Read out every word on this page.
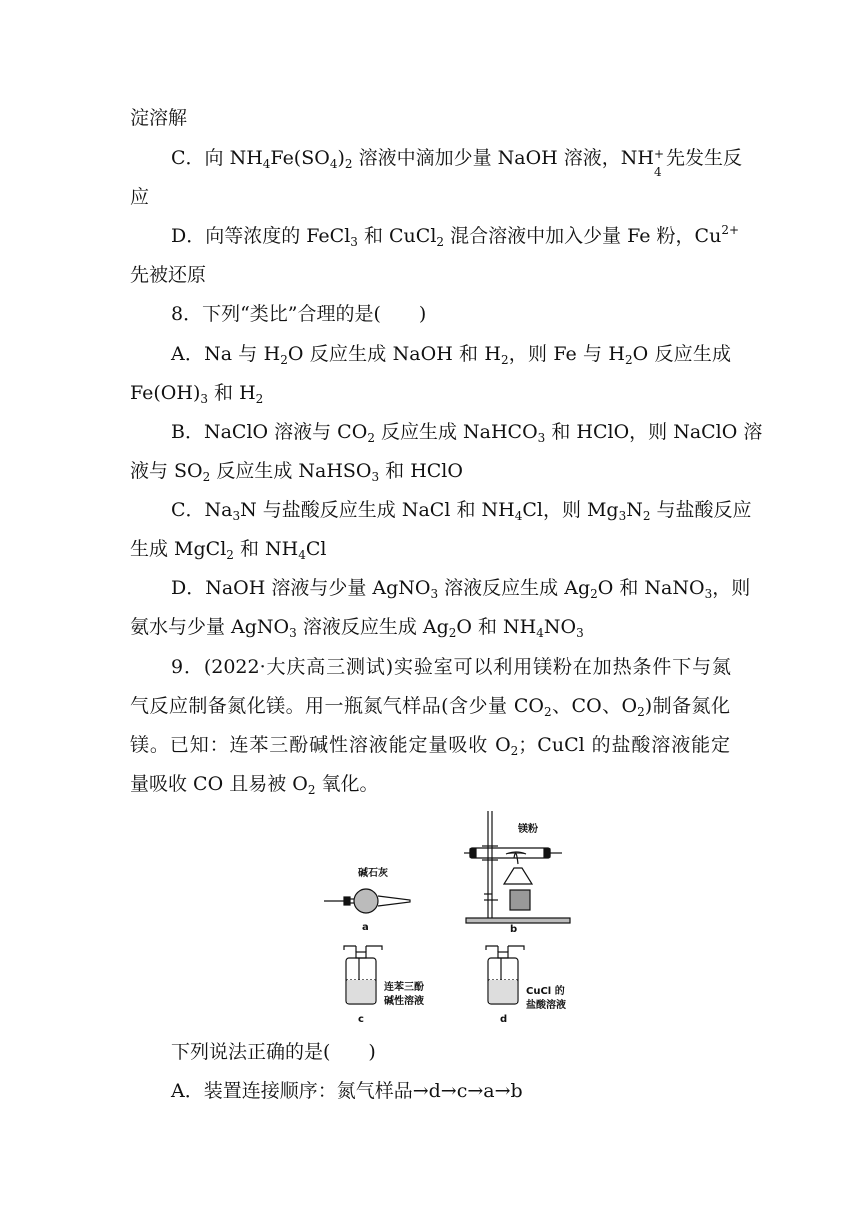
淀溶解
C．向 $NH_4Fe(SO_4)_2$ 溶液中滴加少量 NaOH 溶液，NH +
4
先发生反
应
D．向等浓度的 FeCl$_3$ 和 CuCl$_2$ 混合溶液中加入少量 Fe 粉，$Cu^{2+}$
先被还原
8．下列“类比”合理的是(　　)
A．Na 与 $H_2O$ 反应生成 NaOH 和 $H_2$，则 Fe 与 $H_2O$ 反应生成
$Fe(OH)_3$ 和 $H_2$
B．NaClO 溶液与 $CO_2$ 反应生成 NaHCO$_3$ 和 HClO，则 NaClO 溶
液与 $SO_2$ 反应生成 NaHSO$_3$ 和 HClO
C．$Na_3N$ 与盐酸反应生成 NaCl 和 $NH_4Cl$，则 $Mg_3N_2$ 与盐酸反应
生成 MgCl$_2$ 和 $NH_4Cl$
D．NaOH 溶液与少量 AgNO$_3$ 溶液反应生成 $Ag_2O$ 和 NaNO$_3$，则
氨水与少量 AgNO$_3$ 溶液反应生成 $Ag_2O$ 和 $NH_4NO_3$
9．(2022·大庆高三测试)实验室可以利用镁粉在加热条件下与氮
气反应制备氮化镁。用一瓶氮气样品(含少量 $CO_2$、CO、$O_2$)制备氮化
镁。已知：连苯三酚碱性溶液能定量吸收 $O_2$；CuCl 的盐酸溶液能定
量吸收 CO 且易被 $O_2$ 氧化。
碱石灰
a
镁粉
b
连苯三酚
碱性溶液
c
CuCl 的
盐酸溶液
d
下列说法正确的是(　　)
A．装置连接顺序：氮气样品→d→c→a→b
